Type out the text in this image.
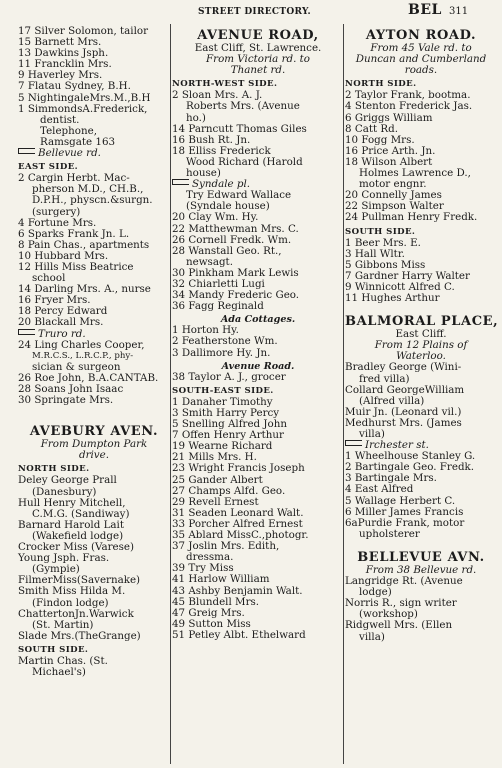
STREET DIRECTORY.	BEL 311
17 Silver Solomon, tailor
15 Barnett Mrs.
13 Dawkins Jsph.
11 Francklin Mrs.
9 Haverley Mrs.
7 Flatau Sydney, B.H.
5 NightingaleMrs.M.,B.H
1 SimmondsA.Frederick,
dentist.
Telephone,
Ramsgate 163
Bellevue rd.
EAST SIDE.
2 Cargin Herbt. Mac-
pherson M.D., CH.B.,
D.P.H., physcn.&surgn.
(surgery)
4 Fortune Mrs.
6 Sparks Frank Jn. L.
8 Pain Chas., apartments
10 Hubbard Mrs.
12 Hills Miss Beatrice
school
14 Darling Mrs. A., nurse
16 Fryer Mrs.
18 Percy Edward
20 Blackall Mrs.
Truro rd.
24 Ling Charles Cooper,
M.R.C.S., L.R.C.P., phy-
sician & surgeon
26 Roe John, B.A.CANTAB.
28 Soans John Isaac
30 Springate Mrs.
AVEBURY AVEN.
From Dumpton Park
drive.
NORTH SIDE.
Deley George Prall
(Danesbury)
Hull Henry Mitchell,
C.M.G. (Sandiway)
Barnard Harold Lait
(Wakefield lodge)
Crocker Miss (Varese)
Young Jsph. Fras.
(Gympie)
FilmerMiss(Savernake)
Smith Miss Hilda M.
(Findon lodge)
ChattertonJn.Warwick
(St. Martin)
Slade Mrs.(TheGrange)
SOUTH SIDE.
Martin Chas. (St.
Michael's)
AVENUE ROAD,
East Cliff, St. Lawrence.
From Victoria rd. to
Thanet rd.
NORTH-WEST SIDE.
2 Sloan Mrs. A. J.
Roberts Mrs. (Avenue
ho.)
14 Parncutt Thomas Giles
16 Bush Rt. Jn.
18 Elliss Frederick
Wood Richard (Harold
house)
Syndale pl.
Try Edward Wallace
(Syndale house)
20 Clay Wm. Hy.
22 Matthewman Mrs. C.
26 Cornell Fredk. Wm.
28 Wanstall Geo. Rt.,
newsagt.
30 Pinkham Mark Lewis
32 Chiarletti Lugi
34 Mandy Frederic Geo.
36 Fagg Reginald
Ada Cottages.
1 Horton Hy.
2 Featherstone Wm.
3 Dallimore Hy. Jn.
Avenue Road.
38 Taylor A. J., grocer
SOUTH-EAST SIDE.
1 Danaher Timothy
3 Smith Harry Percy
5 Snelling Alfred John
7 Offen Henry Arthur
19 Wearne Richard
21 Mills Mrs. H.
23 Wright Francis Joseph
25 Gander Albert
27 Champs Alfd. Geo.
29 Revell Ernest
31 Seaden Leonard Walt.
33 Porcher Alfred Ernest
35 Ablard MissC.,photogr.
37 Joslin Mrs. Edith,
dressma.
39 Try Miss
41 Harlow William
43 Ashby Benjamin Walt.
45 Blundell Mrs.
47 Greig Mrs.
49 Sutton Miss
51 Petley Albt. Ethelward
AYTON ROAD.
From 45 Vale rd. to
Duncan and Cumberland
roads.
NORTH SIDE.
2 Taylor Frank, bootma.
4 Stenton Frederick Jas.
6 Griggs William
8 Catt Rd.
10 Fogg Mrs.
16 Price Arth. Jn.
18 Wilson Albert
Holmes Lawrence D.,
motor engnr.
20 Connelly James
22 Simpson Walter
24 Pullman Henry Fredk.
SOUTH SIDE.
1 Beer Mrs. E.
3 Hall Wltr.
5 Gibbons Miss
7 Gardner Harry Walter
9 Winnicott Alfred C.
11 Hughes Arthur
BALMORAL PLACE,
East Cliff.
From 12 Plains of
Waterloo.
Bradley George (Wini-
fred villa)
Collard GeorgeWilliam
(Alfred villa)
Muir Jn. (Leonard vil.)
Medhurst Mrs. (James
villa)
Irchester st.
1 Wheelhouse Stanley G.
2 Bartingale Geo. Fredk.
3 Bartingale Mrs.
4 East Alfred
5 Wallage Herbert C.
6 Miller James Francis
6aPurdie Frank, motor
upholsterer
BELLEVUE AVN.
From 38 Bellevue rd.
Langridge Rt. (Avenue
lodge)
Norris R., sign writer
(workshop)
Ridgwell Mrs. (Ellen
villa)
